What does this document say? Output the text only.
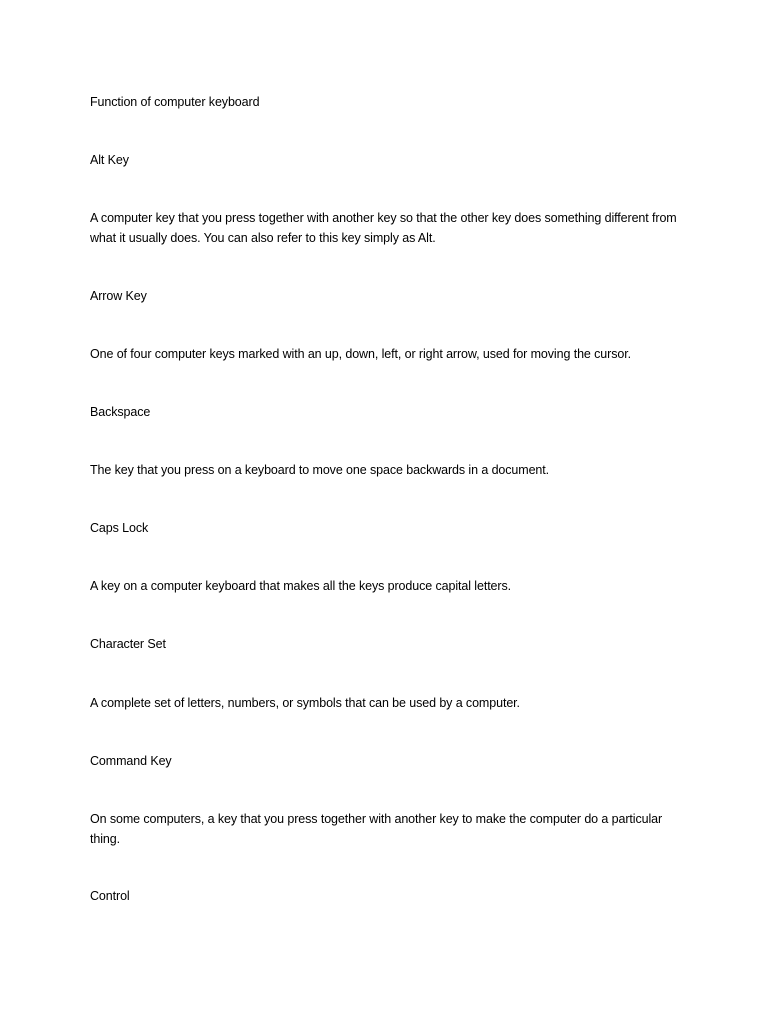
Function of computer keyboard

Alt Key

A computer key that you press together with another key so that the other key does something different from what it usually does. You can also refer to this key simply as Alt.

Arrow Key

One of four computer keys marked with an up, down, left, or right arrow, used for moving the cursor.

Backspace

The key that you press on a keyboard to move one space backwards in a document.

Caps Lock

A key on a computer keyboard that makes all the keys produce capital letters.

Character Set

A complete set of letters, numbers, or symbols that can be used by a computer.

Command Key

On some computers, a key that you press together with another key to make the computer do a particular thing.

Control
